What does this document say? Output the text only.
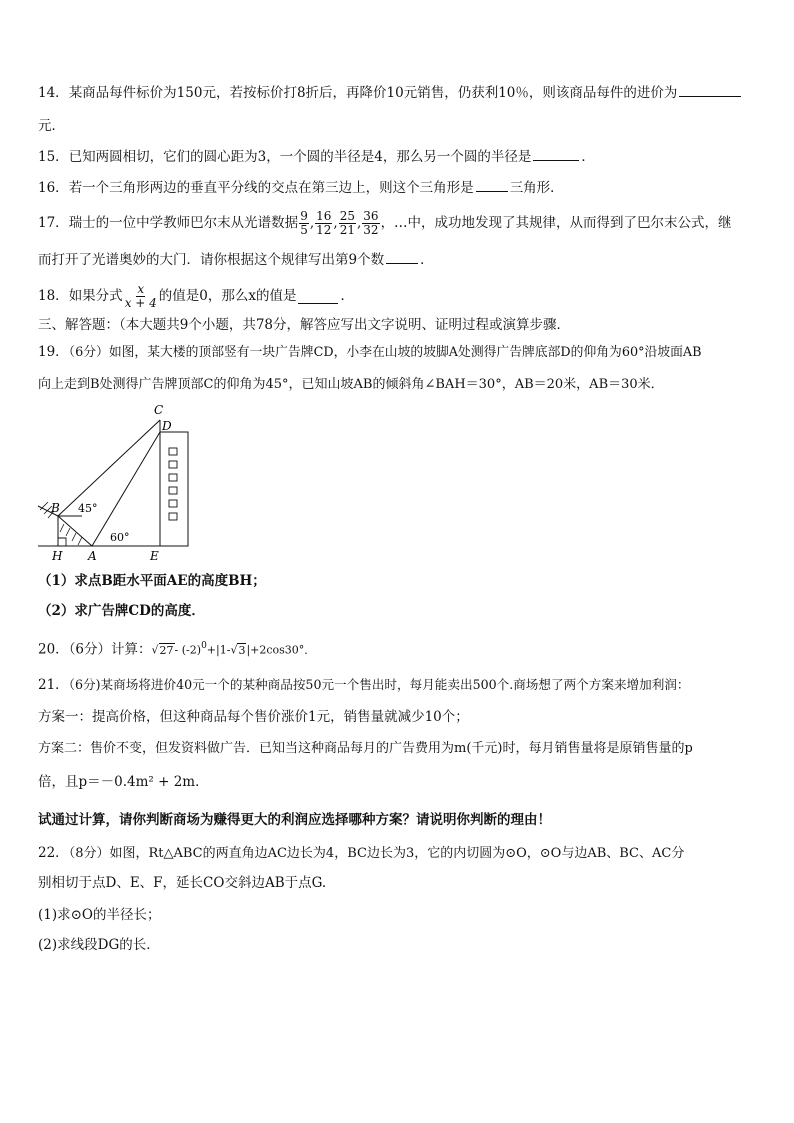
14．某商品每件标价为150元，若按标价打8折后，再降价10元销售，仍获利10％，则该商品每件的进价为
元．
15．已知两圆相切，它们的圆心距为3，一个圆的半径是4，那么另一个圆的半径是	．
16．若一个三角形两边的垂直平分线的交点在第三边上，则这个三角形是	三角形．
17． 瑞士的一位中学教师巴尔末从光谱数据 $\frac{9}{5}$ , $\frac{16}{12}$ , $\frac{25}{21}$ , $\frac{36}{32}$ ，…中，成功地发现了其规律，从而得到了巴尔末公式，继
而打开了光谱奥妙的大门．请你根据这个规律写出第9个数	．
18． 如果分式 $\frac{x}{x + 4}$ 的值是0，那么x的值是	．
三、解答题：（本大题共9个小题，共78分，解答应写出文字说明、证明过程或演算步骤．
19．（6分）如图，某大楼的顶部竖有一块广告牌CD，小李在山坡的坡脚A处测得广告牌底部D的仰角为60°沿坡面AB
向上走到B处测得广告牌顶部C的仰角为45°，已知山坡AB的倾斜角∠BAH＝30°，AB＝20米，AB＝30米．
C
D
B
H A	E
45°
60°
（1）求点B距水平面AE的高度BH；
（2）求广告牌CD的高度．
20．（6分）计算：√27- $(-2)^0+|1-√3|+2\cos 30^\circ$．
21．（6分)某商场将进价40元一个的某种商品按50元一个售出时，每月能卖出500个.商场想了两个方案来增加利润：
方案一：提高价格，但这种商品每个售价涨价1元，销售量就减少10个；
方案二：售价不变，但发资料做广告．已知当这种商品每月的广告费用为m(千元)时，每月销售量将是原销售量的p
倍，且p＝－0.4m² + 2m．
试通过计算，请你判断商场为赚得更大的利润应选择哪种方案？请说明你判断的理由！
22．（8分）如图，Rt△ABC的两直角边AC边长为4，BC边长为3，它的内切圆为⊙O，⊙O与边AB、BC、AC分
别相切于点D、E、F，延长CO交斜边AB于点G.
(1)求⊙O的半径长；
(2)求线段DG的长．
